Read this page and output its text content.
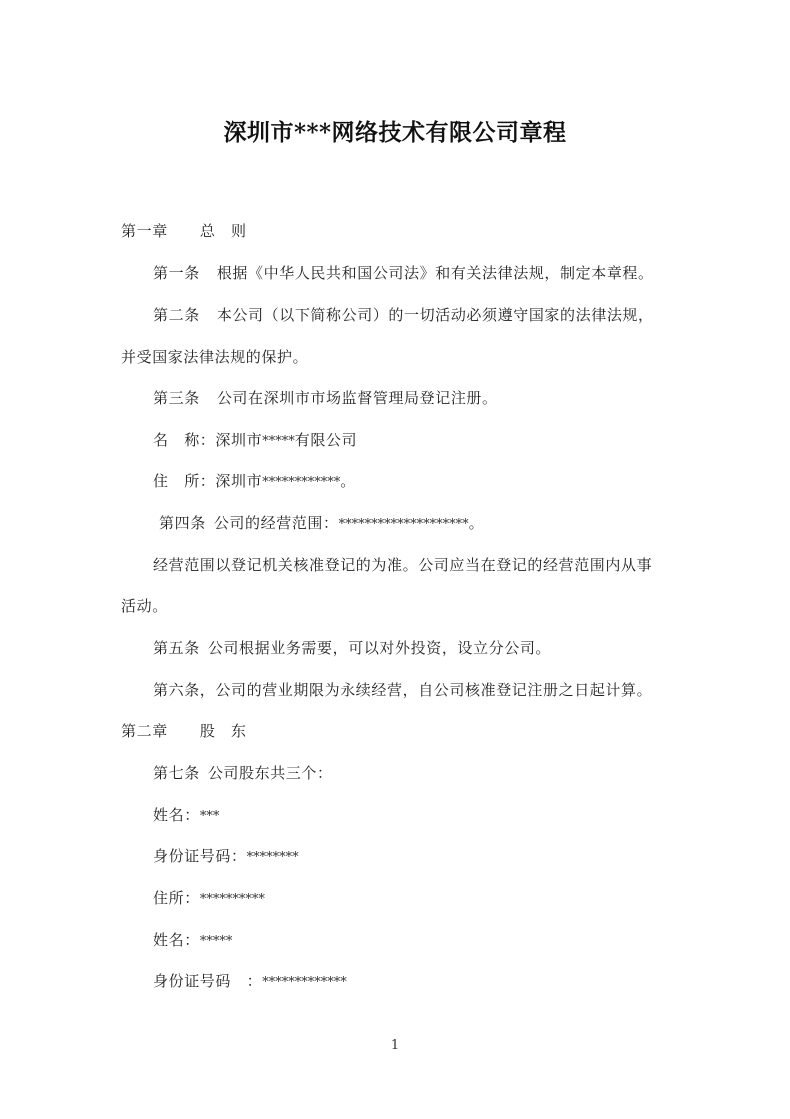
深圳市***网络技术有限公司章程
第一章 总　则
第一条 根据《中华人民共和国公司法》和有关法律法规，制定本章程。
第二条 本公司（以下简称公司）的一切活动必须遵守国家的法律法规，
并受国家法律法规的保护。
第三条 公司在深圳市市场监督管理局登记注册。
名　称：深圳市*****有限公司
住　所：深圳市************。
第四条 公司的经营范围：********************。
经营范围以登记机关核准登记的为准。公司应当在登记的经营范围内从事
活动。
第五条 公司根据业务需要，可以对外投资，设立分公司。
第六条，公司的营业期限为永续经营，自公司核准登记注册之日起计算。
第二章 股　东
第七条 公司股东共三个：
姓名：***
身份证号码：********
住所：**********
姓名：*****
身份证号码　：*************
1
